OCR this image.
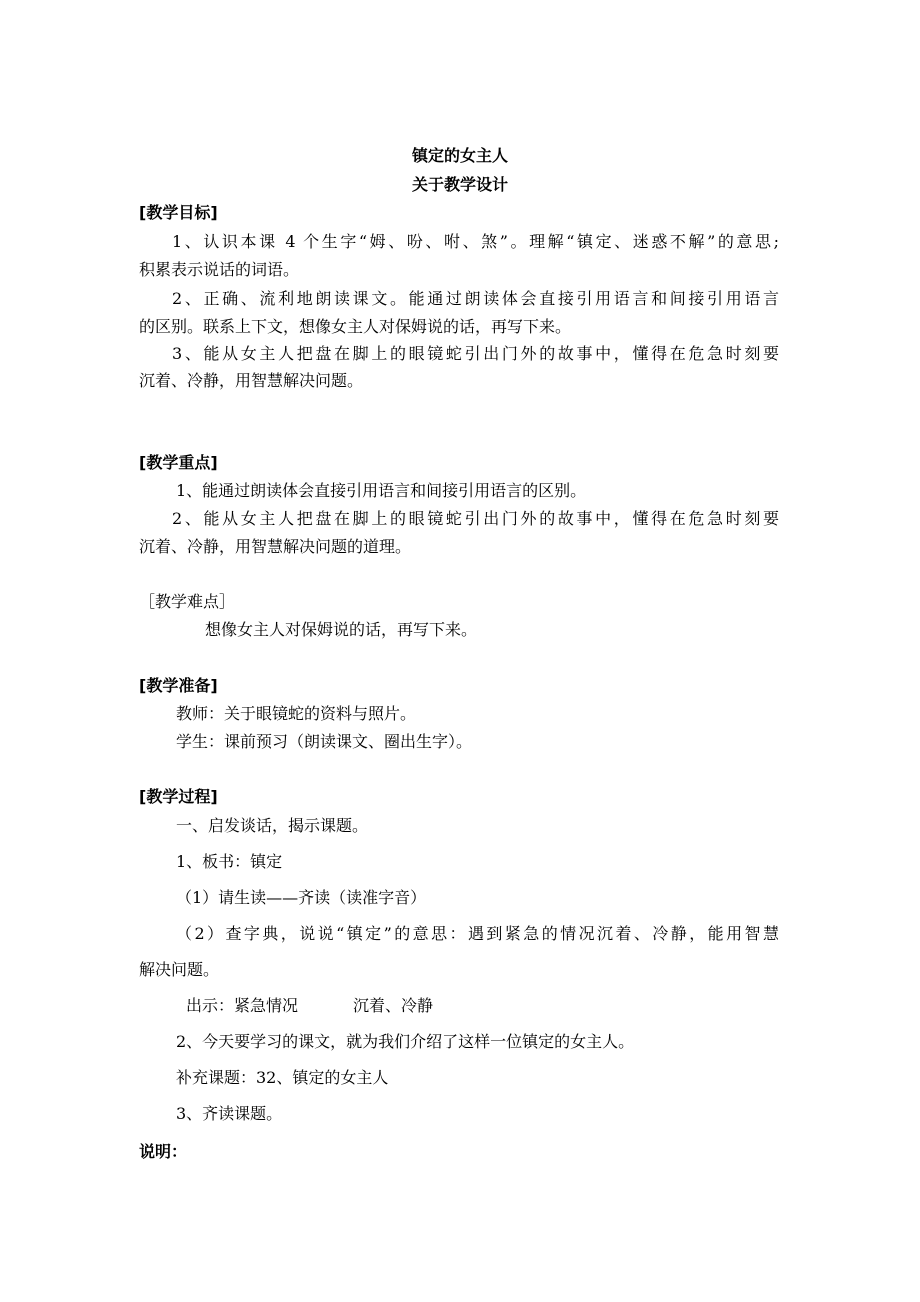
镇定的女主人
关于教学设计
[教学目标]
1、认识本课 4 个生字“姆、吩、咐、煞”。理解“镇定、迷惑不解”的意思;
积累表示说话的词语。
2、正确、流利地朗读课文。能通过朗读体会直接引用语言和间接引用语言
的区别。联系上下文，想像女主人对保姆说的话，再写下来。
3、能从女主人把盘在脚上的眼镜蛇引出门外的故事中，懂得在危急时刻要
沉着、冷静，用智慧解决问题。
[教学重点]
1、能通过朗读体会直接引用语言和间接引用语言的区别。
2、能从女主人把盘在脚上的眼镜蛇引出门外的故事中，懂得在危急时刻要
沉着、冷静，用智慧解决问题的道理。
［教学难点］
想像女主人对保姆说的话，再写下来。
[教学准备]
教师：关于眼镜蛇的资料与照片。
学生：课前预习（朗读课文、圈出生字）。
[教学过程]
一、启发谈话，揭示课题。
1、板书：镇定
（1）请生读——齐读（读准字音）
（2）查字典，说说“镇定”的意思：遇到紧急的情况沉着、冷静，能用智慧
解决问题。
出示：紧急情况	沉着、冷静
2、今天要学习的课文，就为我们介绍了这样一位镇定的女主人。
补充课题：32、镇定的女主人
3、齐读课题。
说明：
